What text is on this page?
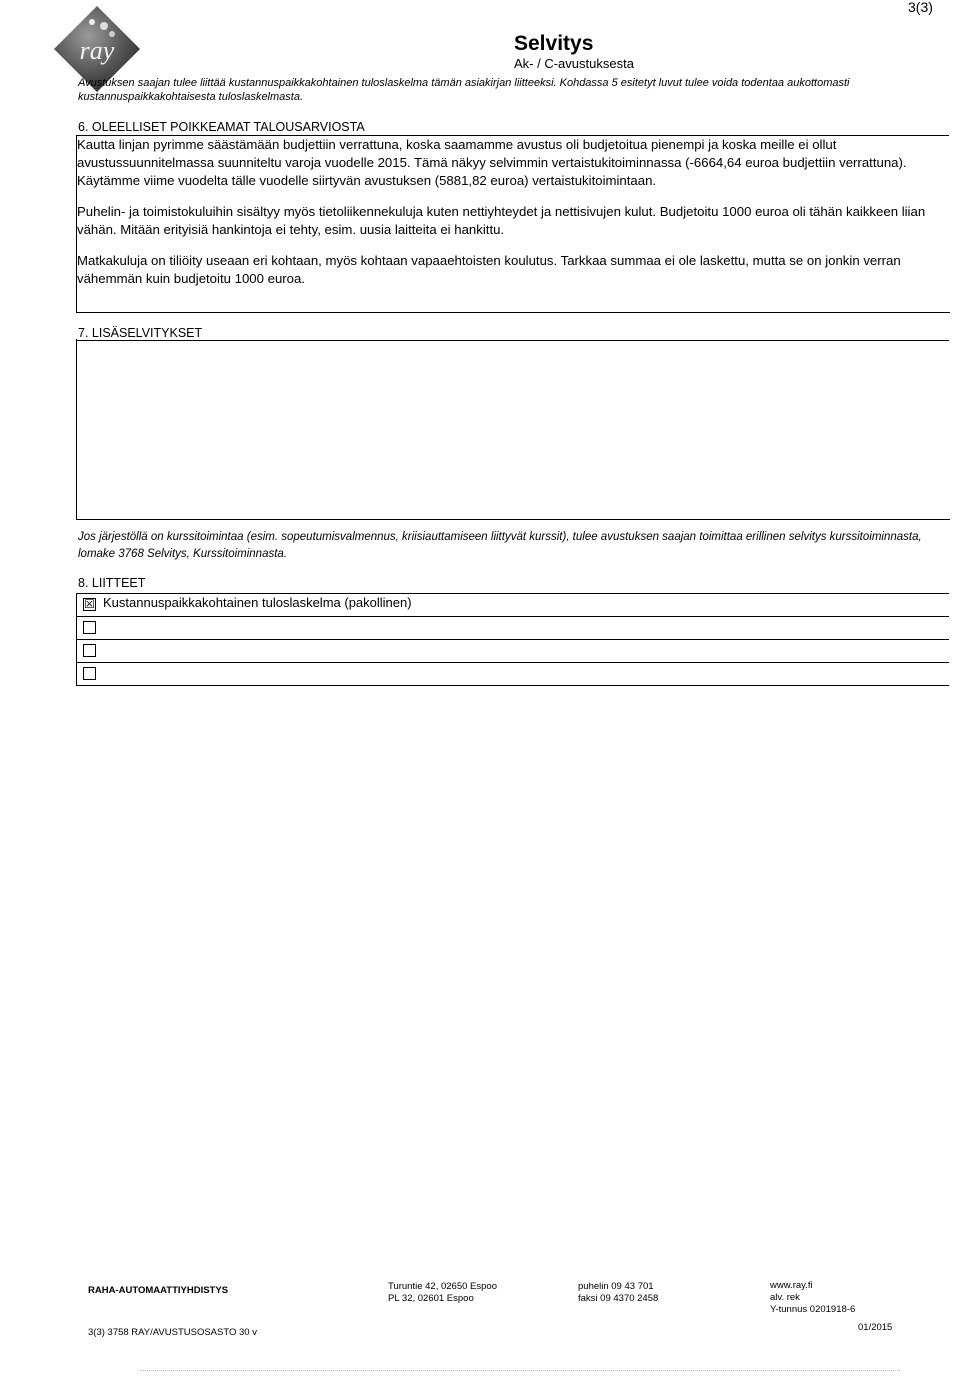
ray	Selvitys
Ak- / C-avustuksesta
3(3)
Avustuksen saajan tulee liittää kustannuspaikkakohtainen tuloslaskelma tämän asiakirjan liitteeksi. Kohdassa 5 esitetyt luvut tulee voida todentaa aukottomasti kustannuspaikkakohtaisesta tuloslaskelmasta.
6. OLEELLISET POIKKEAMAT TALOUSARVIOSTA

Kautta linjan pyrimme säästämään budjettiin verrattuna, koska saamamme avustus oli budjetoitua pienempi ja koska meille ei ollut avustussuunnitelmassa suunniteltu varoja vuodelle 2015. Tämä näkyy selvimmin vertaistukitoiminnassa (-6664,64 euroa budjettiin verrattuna). Käytämme viime vuodelta tälle vuodelle siirtyvän avustuksen (5881,82 euroa) vertaistukitoimintaan.

Puhelin- ja toimistokuluihin sisältyy myös tietoliikennekuluja kuten nettiyhteydet ja nettisivujen kulut. Budjetoitu 1000 euroa oli tähän kaikkeen liian vähän. Mitään erityisiä hankintoja ei tehty, esim. uusia laitteita ei hankittu.

Matkakuluja on tiliöity useaan eri kohtaan, myös kohtaan vapaaehtoisten koulutus. Tarkkaa summaa ei ole laskettu, mutta se on jonkin verran vähemmän kuin budjetoitu 1000 euroa.

7. LISÄSELVITYKSET
Jos järjestöllä on kurssitoimintaa (esim. sopeutumisvalmennus, kriisiauttamiseen liittyvät kurssit), tulee avustuksen saajan toimittaa erillinen selvitys kurssitoiminnasta, lomake 3768 Selvitys, Kurssitoiminnasta.
8. LIITTEET
☒ Kustannuspaikkakohtainen tuloslaskelma (pakollinen)
RAHA-AUTOMAATTIYHDISTYS	Turuntie 42, 02650 Espoo
PL 32, 02601 Espoo
puhelin 09 43 701
faksi 09 4370 2458
www.ray.fi
alv. rek
Y-tunnus 0201918-6
3(3) 3758 RAY/AVUSTUSOSASTO 30 v	01/2015
